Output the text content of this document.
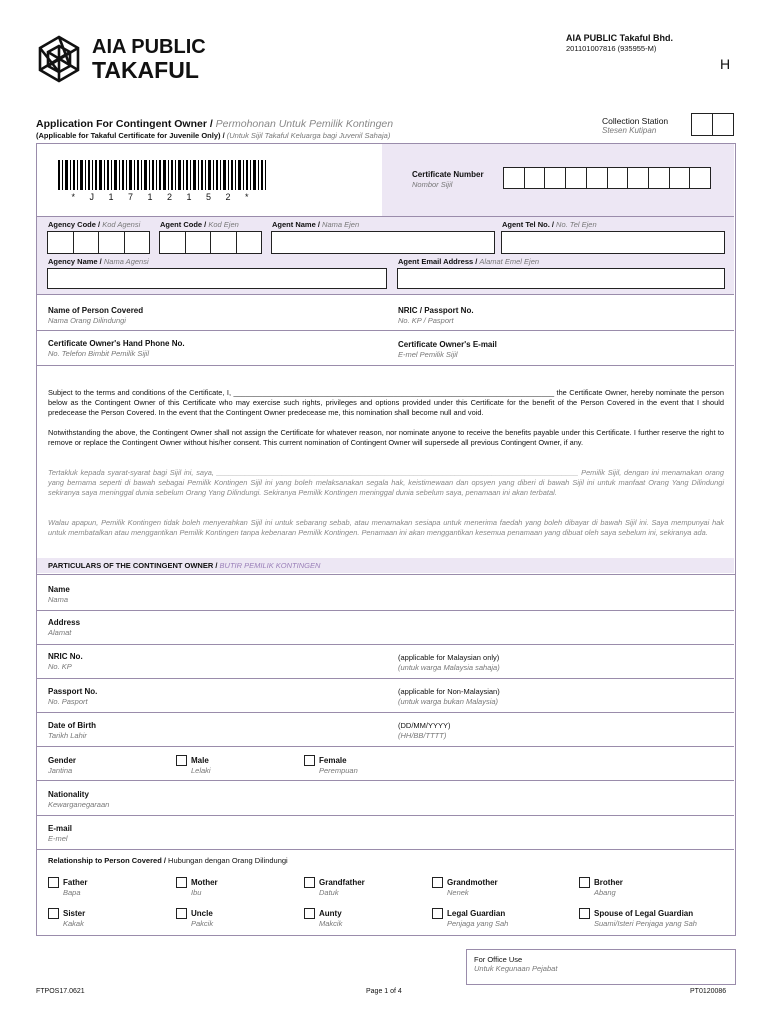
AIA PUBLIC
TAKAFUL
AIA PUBLIC Takaful Bhd.
201101007816 (935955-M)
H
Application For Contingent Owner / Permohonan Untuk Pemilik Kontingen
(Applicable for Takaful Certificate for Juvenile Only) / (Untuk Sijil Takaful Keluarga bagi Juvenil Sahaja)
Collection Station
Stesen Kutipan
* J 1 7 1 2 1 5 2 *
Certificate Number
Nombor Sijil
Agency Code / Kod Agensi	Agent Code / Kod Ejen	Agent Name / Nama Ejen	Agent Tel No. / No. Tel Ejen
Agency Name / Nama Agensi	Agent Email Address / Alamat Emel Ejen
Name of Person Covered
Nama Orang Dilindungi
NRIC / Passport No.
No. KP / Pasport
Certificate Owner's Hand Phone No.
No. Telefon Bimbit Pemilik Sijil
Certificate Owner's E-mail
E-mel Pemilik Sijil

Subject to the terms and conditions of the Certificate, I, ______________________________________________________________________________ the Certificate Owner, hereby nominate the person below as the Contingent Owner of this Certificate who may exercise such rights, privileges and options provided under this Certificate for the benefit of the Person Covered in the event that I should predecease the Person Covered. In the event that the Contingent Owner predecease me, this nomination shall become null and void.

Notwithstanding the above, the Contingent Owner shall not assign the Certificate for whatever reason, nor nominate anyone to receive the benefits payable under this Certificate. I further reserve the right to remove or replace the Contingent Owner without his/her consent. This current nomination of Contingent Owner will supersede all previous Contingent Owner, if any.

Tertakluk kepada syarat-syarat bagi Sijil ini, saya, ________________________________________________________________________________________ Pemilik Sijil, dengan ini menamakan orang yang bernama seperti di bawah sebagai Pemilik Kontingen Sijil ini yang boleh melaksanakan segala hak, keistimewaan dan opsyen yang diberi di bawah Sijil ini untuk manfaat Orang Yang Dilindungi sekiranya saya meninggal dunia sebelum Orang Yang Dilindungi. Sekiranya Pemilik Kontingen meninggal dunia sebelum saya, penamaan ini akan terbatal.

Walau apapun, Pemilik Kontingen tidak boleh menyerahkan Sijil ini untuk sebarang sebab, atau menamakan sesiapa untuk menerima faedah yang boleh dibayar di bawah Sijil ini. Saya mempunyai hak untuk membatalkan atau menggantikan Pemilik Kontingen tanpa kebenaran Pemilik Kontingen. Penamaan ini akan menggantikan kesemua penamaan yang dibuat oleh saya sebelum ini, sekiranya ada.

PARTICULARS OF THE CONTINGENT OWNER / BUTIR PEMILIK KONTINGEN
Name
Nama
Address
Alamat
NRIC No.
No. KP
(applicable for Malaysian only)
(untuk warga Malaysia sahaja)
Passport No.
No. Pasport
(applicable for Non-Malaysian)
(untuk warga bukan Malaysia)
Date of Birth
Tarikh Lahir
(DD/MM/YYYY)
(HH/BB/TTTT)
Gender
Jantina
Male
Lelaki
Female
Perempuan
Nationality
Kewarganegaraan
E-mail
E-mel
Relationship to Person Covered / Hubungan dengan Orang Dilindungi
Father
Bapa
Mother
Ibu
Grandfather
Datuk
Grandmother
Nenek
Brother
Abang
Sister
Kakak
Uncle
Pakcik
Aunty
Makcik
Legal Guardian
Penjaga yang Sah
Spouse of Legal Guardian
Suami/Isteri Penjaga yang Sah
For Office Use
Untuk Kegunaan Pejabat
FTPOS17.0621	Page 1 of 4	PT0120086
